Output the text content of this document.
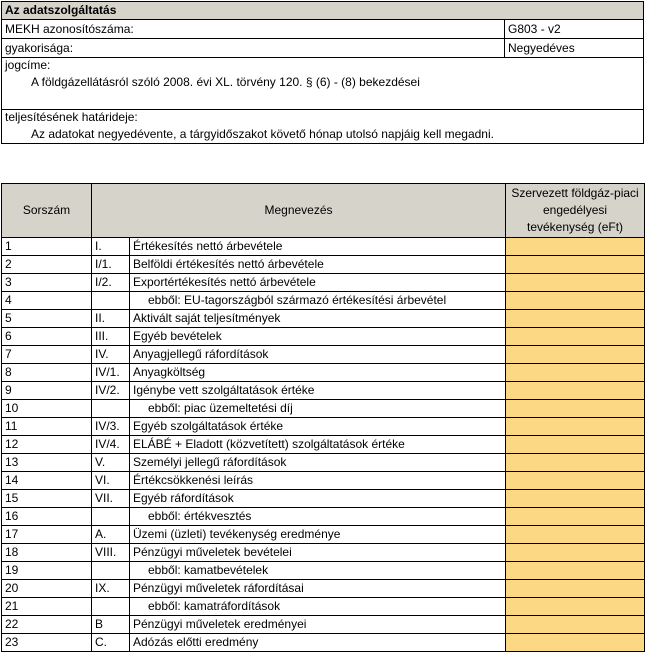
Az adatszolgáltatás
MEKH azonosítószáma:	G803 - v2
gyakorisága:	Negyedéves
jogcíme:
A földgázellátásról szóló 2008. évi XL. törvény 120. § (6) - (8) bekezdései
teljesítésének határideje:
Az adatokat negyedévente, a tárgyidőszakot követő hónap utolsó napjáig kell megadni.
Sorszám	Megnevezés		Szervezett földgáz-piaci engedélyesi tevékenység (eFt)
1	I.	Értékesítés nettó árbevétele	
2	I/1.	Belföldi értékesítés nettó árbevétele	
3	I/2.	Exportértékesítés nettó árbevétele	
4		ebből: EU-tagországból származó értékesítési árbevétel	
5	II.	Aktivált saját teljesítmények	
6	III.	Egyéb bevételek	
7	IV.	Anyagjellegű ráfordítások	
8	IV/1.	Anyagköltség	
9	IV/2.	Igénybe vett szolgáltatások értéke	
10		ebből: piac üzemeltetési díj	
11	IV/3.	Egyéb szolgáltatások értéke	
12	IV/4.	ELÁBÉ + Eladott (közvetített) szolgáltatások értéke	
13	V.	Személyi jellegű ráfordítások	
14	VI.	Értékcsökkenési leírás	
15	VII.	Egyéb ráfordítások	
16		ebből: értékvesztés	
17	A.	Üzemi (üzleti) tevékenység eredménye	
18	VIII.	Pénzügyi műveletek bevételei	
19		ebből: kamatbevételek	
20	IX.	Pénzügyi műveletek ráfordításai	
21		ebből: kamatráfordítások	
22	B	Pénzügyi műveletek eredményei	
23	C.	Adózás előtti eredmény	
